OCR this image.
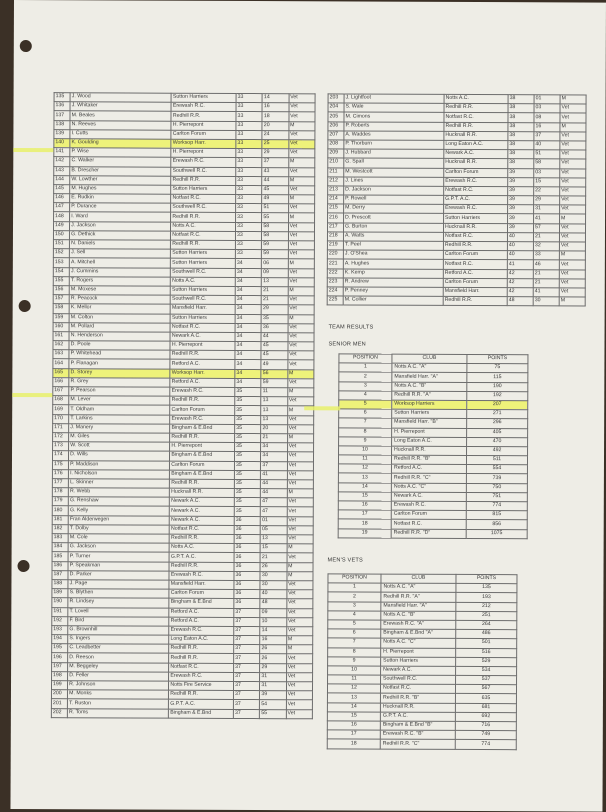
135	J. Wood	Sutton Harriers	33	14	Vet
136	J. Whitaker	Erewash R.C.	33	16	Vet
137	M. Beales	Redhill R.R.	33	18	Vet
138	N. Reeves	H. Pierrepont	33	20	M
139	I. Cutts	Carlton Forum	33	24	Vet
140	K. Goulding	Worksop Harr.	33	25	Vet
141	P. Wise	H. Pierrepont	33	29	Vet
142	C. Walker	Erewash R.C.	33	37	M
143	B. Drescher	Southwell R.C.	33	43	Vet
144	W. Lowther	Redhill R.R.	33	44	M
145	M. Hughes	Sutton Harriers	33	45	Vet
146	E. Rudkin	Notfast R.C.	33	49	M
147	P. Durance	Southwell R.C.	33	51	Vet
148	I. Ward	Redhill R.R.	33	55	M
149	J. Jackson	Notts A.C.	33	58	Vet
150	G. Dethick	Notfast R.C.	33	58	Vet
151	N. Daniels	Redhill R.R.	33	59	Vet
152	J. Sell	Sutton Harriers	33	59	Vet
153	A. Mitchell	Sutton Harriers	34	06	M
154	J. Cummins	Southwell R.C.	34	09	Vet
155	T. Rogers	Notts A.C.	34	13	Vet
156	M. Moxese	Sutton Harriers	34	21	M
157	R. Peacock	Southwell R.C.	34	21	Vet
158	K. Mellor	Mansfield Harr.	34	29	Vet
159	M. Colton	Sutton Harriers	34	35	M
160	M. Pollard	Notfast R.C.	34	36	Vet
161	N. Henderson	Newark A.C.	34	44	Vet
162	D. Poole	H. Pierrepont	34	45	Vet
163	P. Whitehead	Redhill R.R.	34	45	Vet
164	P. Flanagan	Retford A.C.	34	49	Vet
165	D. Storey	Worksop Harr.	34	56	M
166	R. Grey	Retford A.C.	34	59	Vet
167	P. Pearson	Erewash R.C.	35	11	M
168	M. Lever	Redhill R.R.	35	13	Vet
169	T. Oldham	Carlton Forum	35	13	M
170	T. Larkins	Erewash R.C.	35	13	Vet
171	J. Manery	Bingham & E.Bnd	35	20	Vet
172	M. Giles	Redhill R.R.	35	21	M
173	W. Scott	H. Pierrepont	35	34	Vet
174	D. Wills	Bingham & E.Bnd	35	34	Vet
175	P. Maddison	Carlton Forum	35	37	Vet
176	I. Nicholson	Bingham & E.Bnd	35	41	Vet
177	L. Skinner	Redhill R.R.	35	44	Vet
178	R. Webb	Hucknall R.R.	35	44	M
179	G. Renshaw	Newark A.C.	35	47	Vet
180	G. Kelly	Newark A.C.	35	47	Vet
181	Fran Alderwegen	Newark A.C.	36	01	Vet
182	T. Dolby	Notfast R.C.	36	05	Vet
183	M. Cole	Redhill R.R.	36	13	Vet
184	G. Jackson	Notts A.C.	36	15	M
185	P. Turner	G.P.T. A.C.	36	21	Vet
186	P. Speakman	Redhill R.R.	36	26	M
187	D. Parker	Erewash R.C.	36	30	M
188	J. Page	Mansfield Harr.	36	30	Vet
189	S. Blythen	Carlton Forum	36	40	Vet
190	R. Lindsey	Bingham & E.Bnd	36	48	Vet
191	T. Lovell	Retford A.C.	37	09	Vet
192	F. Bird	Retford A.C.	37	10	Vet
193	G. Brownhill	Erewash R.C.	37	14	Vet
194	S. Ingers	Long Eaton A.C.	37	16	M
195	C. Leadbetter	Redhill R.R.	37	26	M
196	D. Reeson	Redhill R.R.	37	26	Vet
197	M. Beggeley	Notfast R.C.	37	29	Vet
198	D. Feller	Erewash R.C.	37	31	Vet
199	R. Johnson	Notts Fire Service	37	31	Vet
200	M. Monks	Redhill R.R.	37	39	Vet
201	T. Ruston	G.P.T. A.C.	37	54	Vet
202	R. Toms	Bingham & E.Bnd	37	55	Vet
203	J. Lightfoot	Notts A.C.	38	01	M
204	S. Wale	Redhill R.R.	38	03	Vet
205	M. Cimons	Notfast R.C.	38	08	Vet
206	P. Roberts	Redhill R.R.	38	16	M
207	A. Waddes	Hucknall R.R.	38	37	Vet
208	P. Thorburn	Long Eaton A.C.	38	40	Vet
209	J. Hubbard	Newark A.C.	38	51	Vet
210	G. Spall	Hucknall R.R.	38	58	Vet
211	M. Westcott	Carlton Forum	39	03	Vet
212	J. Lines	Erewash R.C.	39	15	Vet
213	D. Jackson	Notfast R.C.	39	22	Vet
214	P. Rowell	G.P.T. A.C.	39	29	Vet
215	M. Derry	Erewash R.C.	39	31	Vet
216	D. Prescott	Sutton Harriers	39	41	M
217	G. Burton	Hucknall R.R.	39	57	Vet
218	A. Watts	Notfast R.C.	40	21	Vet
219	T. Peel	Redhill R.R.	40	32	Vet
220	J. O'Shea	Carlton Forum	40	33	M
221	A. Hughes	Notfast R.C.	41	46	Vet
222	K. Kemp	Retford A.C.	42	21	Vet
223	R. Andrew	Carlton Forum	42	21	Vet
224	P. Penney	Mansfield Harr.	42	41	Vet
225	M. Collier	Redhill R.R.	48	30	M
TEAM RESULTS
SENIOR MEN
POSITION	CLUB	POINTS
1	Notts A.C. "A"	75
2	Mansfield Harr. "A"	115
3	Notts A.C. "B"	190
4	Redhill R.R. "A"	192
5	Worksop Harriers	207
6	Sutton Harriers	271
7	Mansfield Harr. "B"	296
8	H. Pierrepont	405
9	Long Eaton A.C.	470
10	Hucknall R.R.	492
11	Redhill R.R. "B"	511
12	Retford A.C.	554
13	Redhill R.R. "C"	739
14	Notts A.C. "C"	750
15	Newark A.C.	751
16	Erewash R.C.	774
17	Carlton Forum	815
18	Notfast R.C.	856
19	Redhill R.R. "D"	1075
MEN'S VETS
POSITION	CLUB	POINTS
1	Notts A.C. "A"	135
2	Redhill R.R. "A"	193
3	Mansfield Harr. "A"	212
4	Notts A.C. "B"	251
5	Erewash R.C. "A"	264
6	Bingham & E.Bnd "A"	486
7	Notts A.C. "C"	501
8	H. Pierrepont	516
9	Sutton Harriers	529
10	Newark A.C.	534
11	Southwell R.C.	537
12	Notfast R.C.	567
13	Redhill R.R. "B"	635
14	Hucknall R.R.	681
15	G.P.T. A.C.	692
16	Bingham & E.Bnd "B"	716
17	Erewash R.C. "B"	749
18	Redhill R.R. "C"	774
